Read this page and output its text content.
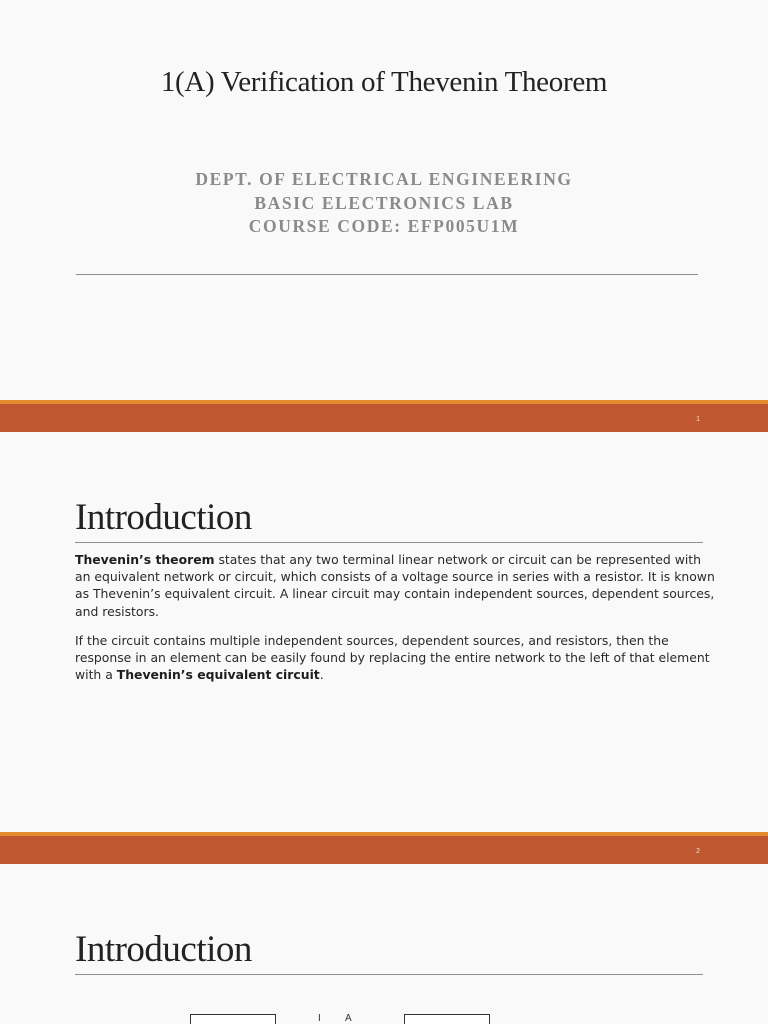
1(A) Verification of Thevenin Theorem
DEPT. OF ELECTRICAL ENGINEERING
BASIC ELECTRONICS LAB
COURSE CODE: EFP005U1M
1
Introduction

Thevenin’s theorem states that any two terminal linear network or circuit can be represented with an equivalent network or circuit, which consists of a voltage source in series with a resistor. It is known as Thevenin’s equivalent circuit. A linear circuit may contain independent sources, dependent sources, and resistors.

If the circuit contains multiple independent sources, dependent sources, and resistors, then the response in an element can be easily found by replacing the entire network to the left of that element with a Thevenin’s equivalent circuit.

2
Introduction
I A
